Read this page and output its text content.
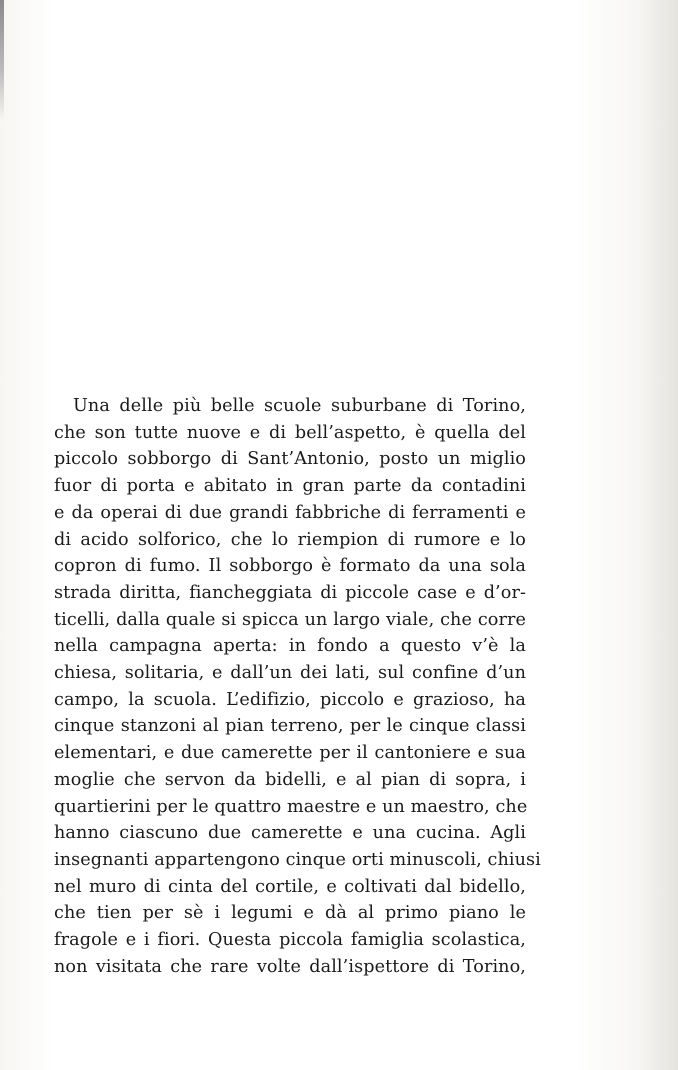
Una delle più belle scuole suburbane di Torino,
che son tutte nuove e di bell’aspetto, è quella del
piccolo sobborgo di Sant’Antonio, posto un miglio
fuor di porta e abitato in gran parte da contadini
e da operai di due grandi fabbriche di ferramenti e
di acido solforico, che lo riempion di rumore e lo
copron di fumo. Il sobborgo è formato da una sola
strada diritta, fiancheggiata di piccole case e d’or-
ticelli, dalla quale si spicca un largo viale, che corre
nella campagna aperta: in fondo a questo v’è la
chiesa, solitaria, e dall’un dei lati, sul confine d’un
campo, la scuola. L’edifizio, piccolo e grazioso, ha
cinque stanzoni al pian terreno, per le cinque classi
elementari, e due camerette per il cantoniere e sua
moglie che servon da bidelli, e al pian di sopra, i
quartierini per le quattro maestre e un maestro, che
hanno ciascuno due camerette e una cucina. Agli
insegnanti appartengono cinque orti minuscoli, chiusi
nel muro di cinta del cortile, e coltivati dal bidello,
che tien per sè i legumi e dà al primo piano le
fragole e i fiori. Questa piccola famiglia scolastica,
non visitata che rare volte dall’ispettore di Torino,
